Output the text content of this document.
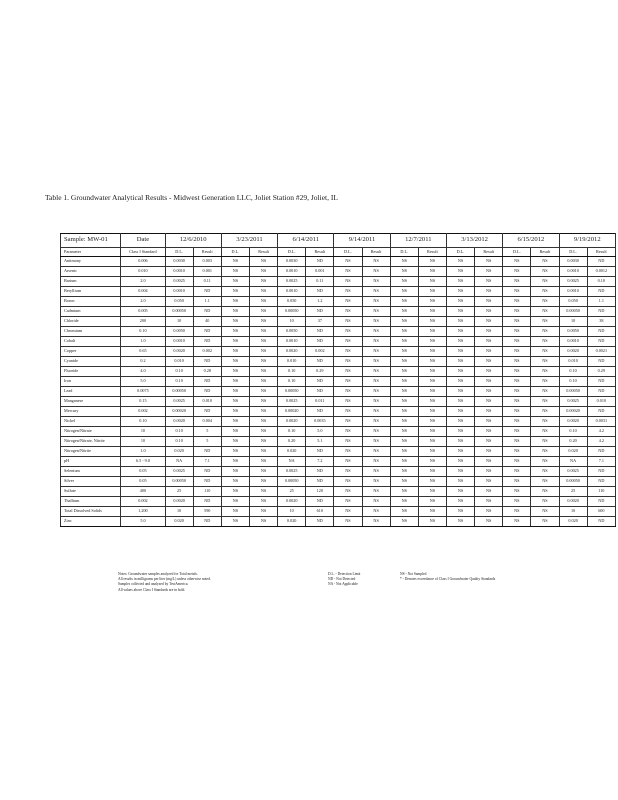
Table 1. Groundwater Analytical Results - Midwest Generation LLC, Joliet Station #29, Joliet, IL
Sample: MW-01	Date	12/6/2010		3/23/2011		6/14/2011		9/14/2011		12/7/2011		3/13/2012		6/15/2012		9/19/2012	
Parameter	Class I Standard	D.L.	Result	D.L.	Result	D.L.	Result	D.L.	Result	D.L.	Result	D.L.	Result	D.L.	Result	D.L.	Result
Antimony	0.006	0.0030	0.003	NS	NS	0.0030	ND	NS	NS	NS	NS	NS	NS	NS	NS	0.0030	ND
Arsenic	0.010	0.0010	0.001	NS	NS	0.0010	0.001	NS	NS	NS	NS	NS	NS	NS	NS	0.0010	0.0012
Barium	2.0	0.0025	0.11	NS	NS	0.0025	0.11	NS	NS	NS	NS	NS	NS	NS	NS	0.0025	0.10
Beryllium	0.004	0.0010	ND	NS	NS	0.0010	ND	NS	NS	NS	NS	NS	NS	NS	NS	0.0010	ND
Boron	2.0	0.050	1.1	NS	NS	0.050	1.2	NS	NS	NS	NS	NS	NS	NS	NS	0.050	1.1
Cadmium	0.005	0.00050	ND	NS	NS	0.00050	ND	NS	NS	NS	NS	NS	NS	NS	NS	0.00050	ND
Chloride	200	10	40	NS	NS	10	37	NS	NS	NS	NS	NS	NS	NS	NS	10	38
Chromium	0.10	0.0050	ND	NS	NS	0.0050	ND	NS	NS	NS	NS	NS	NS	NS	NS	0.0050	ND
Cobalt	1.0	0.0010	ND	NS	NS	0.0010	ND	NS	NS	NS	NS	NS	NS	NS	NS	0.0010	ND
Copper	0.65	0.0020	0.002	NS	NS	0.0020	0.002	NS	NS	NS	NS	NS	NS	NS	NS	0.0020	0.0021
Cyanide	0.2	0.010	ND	NS	NS	0.010	ND	NS	NS	NS	NS	NS	NS	NS	NS	0.010	ND
Fluoride	4.0	0.10	0.28	NS	NS	0.10	0.29	NS	NS	NS	NS	NS	NS	NS	NS	0.10	0.29
Iron	5.0	0.10	ND	NS	NS	0.10	ND	NS	NS	NS	NS	NS	NS	NS	NS	0.10	ND
Lead	0.0075	0.00050	ND	NS	NS	0.00050	ND	NS	NS	NS	NS	NS	NS	NS	NS	0.00050	ND
Manganese	0.15	0.0025	0.010	NS	NS	0.0025	0.011	NS	NS	NS	NS	NS	NS	NS	NS	0.0025	0.010
Mercury	0.002	0.00020	ND	NS	NS	0.00020	ND	NS	NS	NS	NS	NS	NS	NS	NS	0.00020	ND
Nickel	0.10	0.0020	0.004	NS	NS	0.0020	0.0035	NS	NS	NS	NS	NS	NS	NS	NS	0.0020	0.0031
Nitrogen/Nitrate	10	0.10	5	NS	NS	0.10	5.0	NS	NS	NS	NS	NS	NS	NS	NS	0.10	4.2
Nitrogen/Nitrate, Nitrite	10	0.10	5	NS	NS	0.20	5.1	NS	NS	NS	NS	NS	NS	NS	NS	0.20	4.2
Nitrogen/Nitrite	1.0	0.020	ND	NS	NS	0.020	ND	NS	NS	NS	NS	NS	NS	NS	NS	0.020	ND
pH	6.5 - 9.0	NA	7.1	NS	NS	NA	7.2	NS	NS	NS	NS	NS	NS	NS	NS	NA	7.1
Selenium	0.05	0.0025	ND	NS	NS	0.0025	ND	NS	NS	NS	NS	NS	NS	NS	NS	0.0025	ND
Silver	0.05	0.00050	ND	NS	NS	0.00050	ND	NS	NS	NS	NS	NS	NS	NS	NS	0.00050	ND
Sulfate	400	25	110	NS	NS	25	120	NS	NS	NS	NS	NS	NS	NS	NS	25	110
Thallium	0.002	0.0020	ND	NS	NS	0.0020	ND	NS	NS	NS	NS	NS	NS	NS	NS	0.0020	ND
Total Dissolved Solids	1,200	10	590	NS	NS	10	610	NS	NS	NS	NS	NS	NS	NS	NS	10	600
Zinc	5.0	0.020	ND	NS	NS	0.020	ND	NS	NS	NS	NS	NS	NS	NS	NS	0.020	ND
Notes: Groundwater samples analyzed for Total metals.
All results in milligrams per liter (mg/L) unless otherwise noted.
Samples collected and analyzed by TestAmerica.
All values above Class I Standards are in bold.
D.L. - Detection Limit
ND - Not Detected
NA - Not Applicable
NS - Not Sampled
* - Denotes exceedance of Class I Groundwater Quality Standards
